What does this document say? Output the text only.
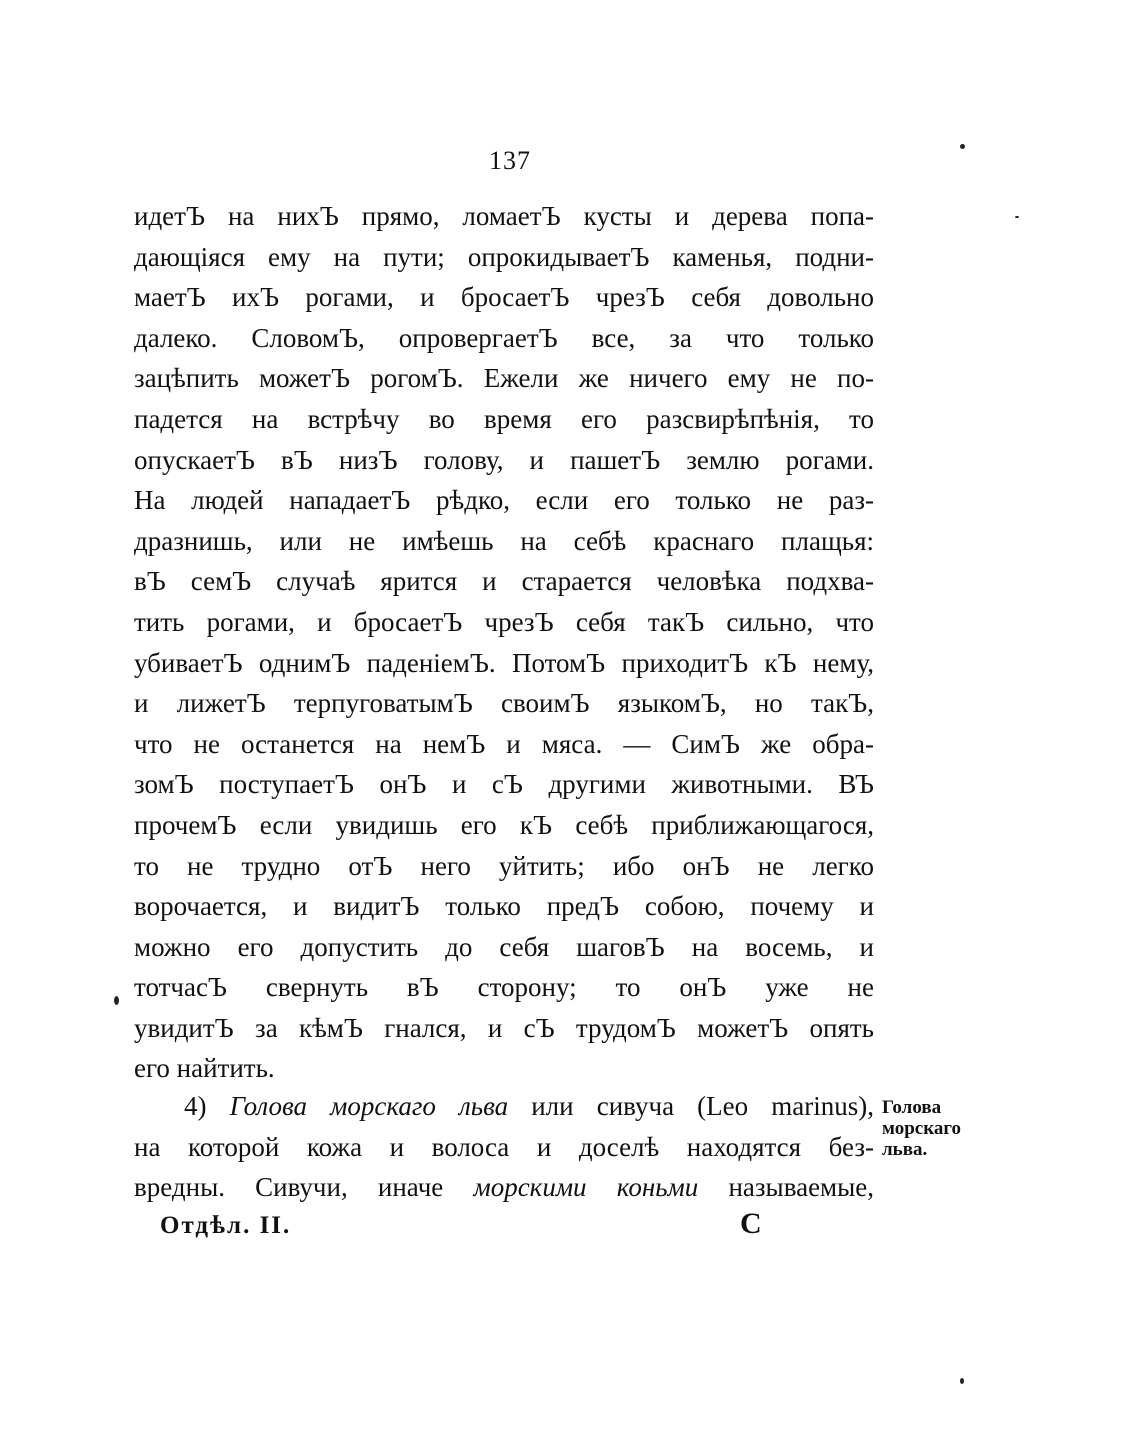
137
идетЪ на нихЪ прямо, ломаетЪ кусты и дерева попа-
дающiяся ему на пути; опрокидываетЪ каменья, подни-
маетЪ ихЪ рогами, и бросаетЪ чрезЪ себя довольно
далеко. СловомЪ, опровергаетЪ все, за что только
зацѣпить можетЪ рогомЪ. Ежели же ничего ему не по-
падется на встрѣчу во время его разсвирѣпѣнiя, то
опускаетЪ вЪ низЪ голову, и пашетЪ землю рогами.
На людей нападаетЪ рѣдко, если его только не раз-
дразнишь, или не имѣешь на себѣ краснаго плащья:
вЪ семЪ случаѣ ярится и старается человѣка подхва-
тить рогами, и бросаетЪ чрезЪ себя такЪ сильно, что
убиваетЪ однимЪ паденiемЪ. ПотомЪ приходитЪ кЪ нему,
и лижетЪ терпуговатымЪ своимЪ языкомЪ, но такЪ,
что не останется на немЪ и мяса. — СимЪ же обра-
зомЪ поступаетЪ онЪ и сЪ другими животными. ВЪ
прочемЪ если увидишь его кЪ себѣ приближающагося,
то не трудно отЪ него уйтить; ибо онЪ не легко
ворочается, и видитЪ только предЪ собою, почему и
можно его допустить до себя шаговЪ на восемь, и
тотчасЪ свернуть вЪ сторону; то онЪ уже не
увидитЪ за кѣмЪ гнался, и сЪ трудомЪ можетЪ опять
его найтить.
4) Голова морскаго льва или сивуча (Leo marinus),
на которой кожа и волоса и доселѣ находятся без-
вредны. Сивучи, иначе морскими коньми называемые,
Голова
морскаго
льва.
Отдѣл. II.	С
